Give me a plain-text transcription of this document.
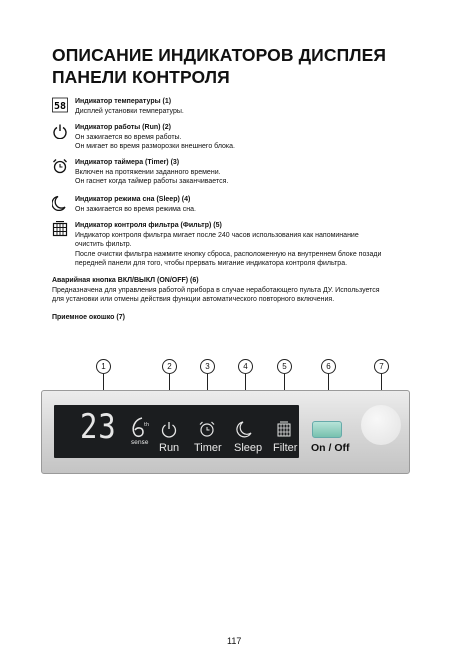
ОПИСАНИЕ ИНДИКАТОРОВ ДИСПЛЕЯ
ПАНЕЛИ КОНТРОЛЯ
58 Индикатор температуры (1)
Дисплей установки температуры.
Индикатор работы (Run) (2)
Он зажигается во время работы.
Он мигает во время разморозки внешнего блока.
Индикатор таймера (Timer) (3)
Включен на протяжении заданного времени.
Он гаснет когда таймер работы заканчивается.
Индикатор режима сна (Sleep) (4)
Он зажигается во время режима сна.
Индикатор контроля фильтра (Фильтр) (5)
Индикатор контроля фильтра мигает после 240 часов использования как напоминание
очистить фильтр.
После очистки фильтра нажмите кнопку сброса, расположенную на внутреннем блоке позади
передней панели для того, чтобы прервать мигание индикатора контроля фильтра.
Аварийная кнопка ВКЛ/ВЫКЛ (ON/OFF) (6)
Предназначена для управления работой прибора в случае неработающего пульта ДУ. Используется
для установки или отмены действия функции автоматического повторного включения.
Приемное окошко (7)
1	2	3	4	5	6	7
23	th
sense Run Timer Sleep Filter On / Off
117
